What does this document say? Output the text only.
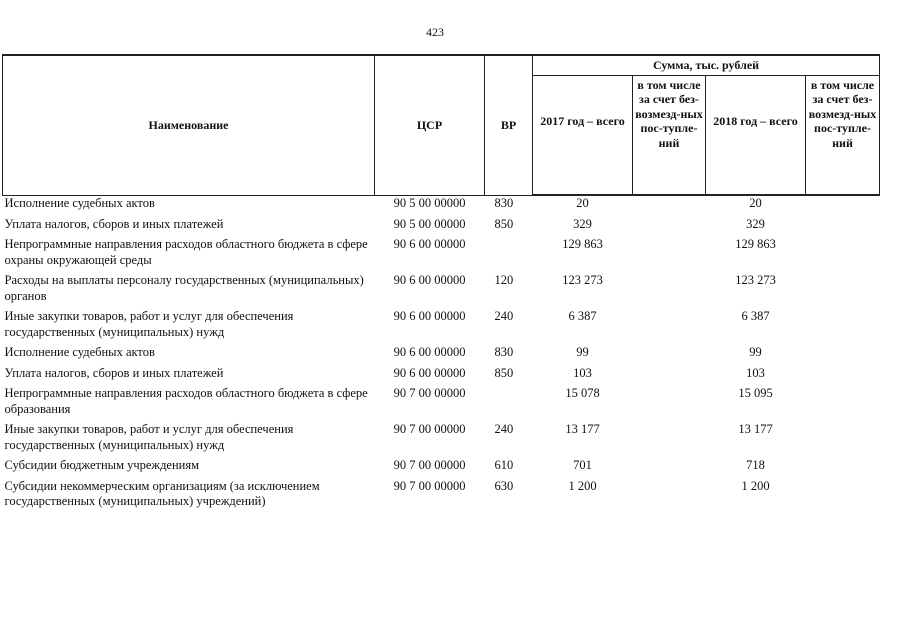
423
Наименование	ЦСР	ВР	Сумма, тыс. рублей			
			2017 год – всего	в том числе за счет без-возмезд-ных пос-тупле-ний	2018 год – всего	в том числе за счет без-возмезд-ных пос-тупле-ний
Исполнение судебных актов	90 5 00 00000	830	20		20	
Уплата налогов, сборов и иных платежей	90 5 00 00000	850	329		329	
Непрограммные направления расходов областного бюджета в сфере охраны окружающей среды	90 6 00 00000		129 863		129 863	
Расходы на выплаты персоналу государственных (муниципальных) органов	90 6 00 00000	120	123 273		123 273	
Иные закупки товаров, работ и услуг для обеспечения государственных (муниципальных) нужд	90 6 00 00000	240	6 387		6 387	
Исполнение судебных актов	90 6 00 00000	830	99		99	
Уплата налогов, сборов и иных платежей	90 6 00 00000	850	103		103	
Непрограммные направления расходов областного бюджета в сфере образования	90 7 00 00000		15 078		15 095	
Иные закупки товаров, работ и услуг для обеспечения государственных (муниципальных) нужд	90 7 00 00000	240	13 177		13 177	
Субсидии бюджетным учреждениям	90 7 00 00000	610	701		718	
Субсидии некоммерческим организациям (за исключением государственных (муниципальных) учреждений)	90 7 00 00000	630	1 200		1 200	
